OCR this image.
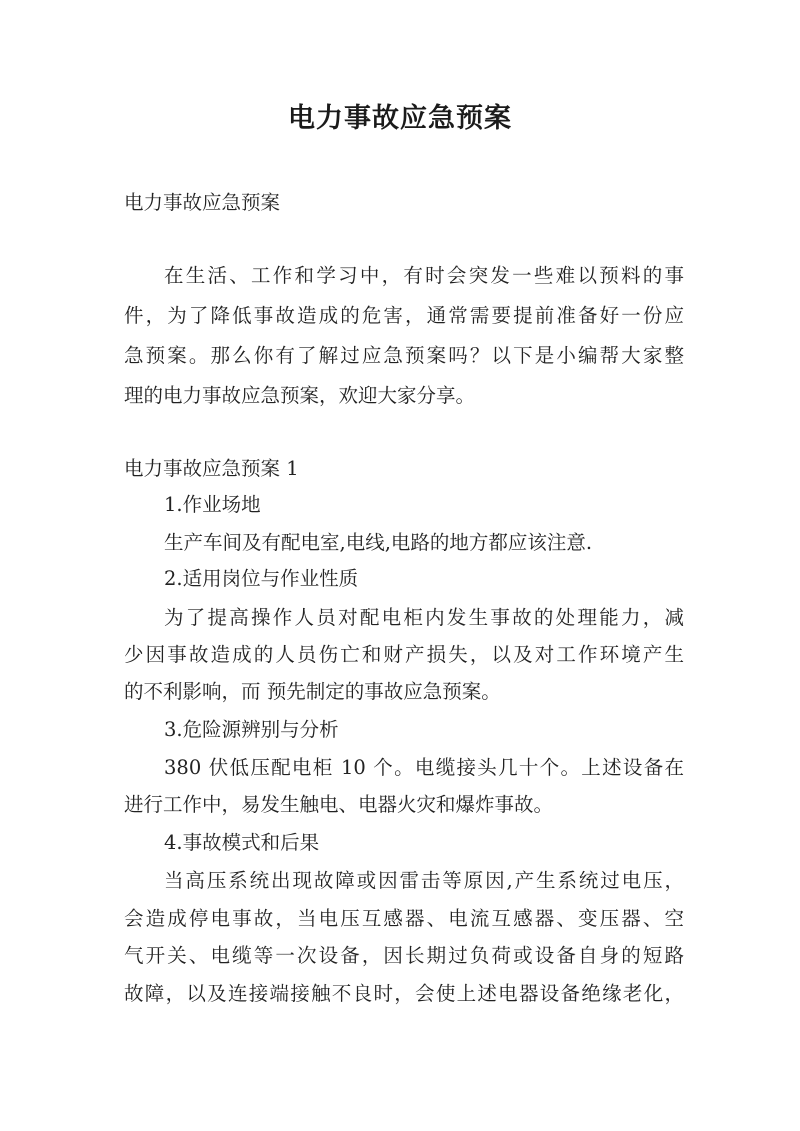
电力事故应急预案
电力事故应急预案
在生活、工作和学习中，有时会突发一些难以预料的事
件，为了降低事故造成的危害，通常需要提前准备好一份应
急预案。那么你有了解过应急预案吗？以下是小编帮大家整
理的电力事故应急预案，欢迎大家分享。
电力事故应急预案 1
1.作业场地
生产车间及有配电室,电线,电路的地方都应该注意.
2.适用岗位与作业性质
为了提高操作人员对配电柜内发生事故的处理能力，减
少因事故造成的人员伤亡和财产损失，以及对工作环境产生
的不利影响，而 预先制定的事故应急预案。
3.危险源辨别与分析
380 伏低压配电柜 10 个。电缆接头几十个。上述设备在
进行工作中，易发生触电、电器火灾和爆炸事故。
4.事故模式和后果
当高压系统出现故障或因雷击等原因,产生系统过电压，
会造成停电事故，当电压互感器、电流互感器、变压器、空
气开关、电缆等一次设备，因长期过负荷或设备自身的短路
故障，以及连接端接触不良时，会使上述电器设备绝缘老化，
